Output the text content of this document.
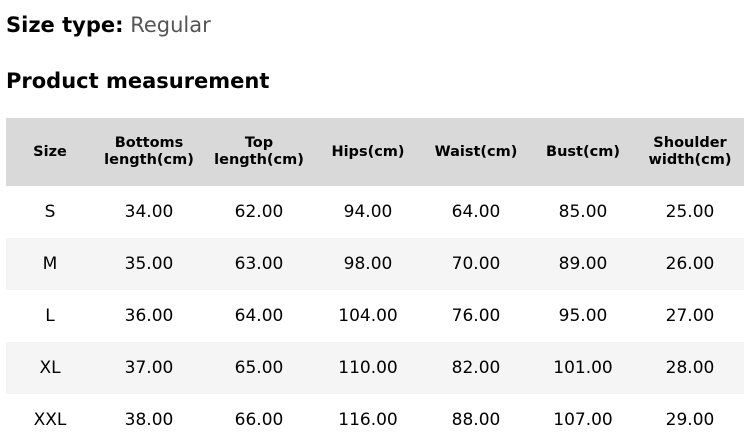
Size type: Regular
Product measurement
Size	Bottoms length(cm)	Top length(cm)	Hips(cm)	Waist(cm)	Bust(cm)	Shoulder width(cm)
S	34.00	62.00	94.00	64.00	85.00	25.00
M	35.00	63.00	98.00	70.00	89.00	26.00
L	36.00	64.00	104.00	76.00	95.00	27.00
XL	37.00	65.00	110.00	82.00	101.00	28.00
XXL	38.00	66.00	116.00	88.00	107.00	29.00
